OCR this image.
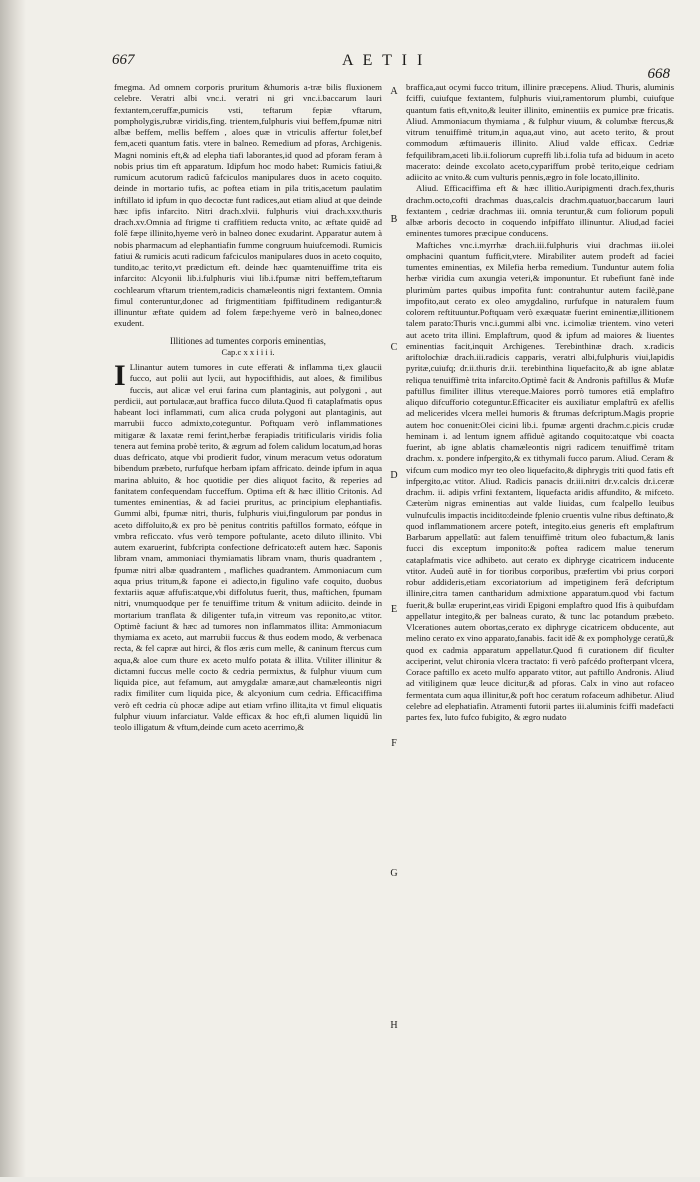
667	A E T I I
668

fmegma. Ad omnem corporis pruritum &humoris a-træ bilis fluxionem celebre. Veratri albi vnc.i. veratri ni gri vnc.i.baccarum lauri fextantem,ceruffæ,pumicis vsti, teftarum fepiæ vftarum, pompholygis,rubræ viridis,fing. trientem,fulphuris viui beffem,fpumæ nitri albæ beffem, mellis beffem , aloes quæ in vtriculis affertur folet,bef fem,aceti quantum fatis. vtere in balneo. Remedium ad pforas, Archigenis. Magni nominis eft,& ad elepha tiafi laborantes,id quod ad pforam feram à nobis prius tim eft apparatum. Idipfum hoc modo habet: Rumicis fatiui,& rumicum acutorum radicũ fafciculos manipulares duos in aceto coquito. deinde in mortario tufis, ac poftea etiam in pila tritis,acetum paulatim inftillato id ipfum in quo decoctæ funt radices,aut etiam aliud at que deinde hæc ipfis infarcito. Nitri drach.xlvii. fulphuris viui drach.xxv.thuris drach.xv.Omnia ad ftrigme ti craffitiem reducta vnito, ac æftate quidē ad folē fæpe illinito,hyeme verò in balneo donec exudarint. Apparatur autem à nobis pharmacum ad elephantiafin fumme congruum huiufcemodi. Rumicis fatiui & rumicis acuti radicum fafciculos manipulares duos in aceto coquito, tundito,ac terito,vt prædictum eft. deinde hæc quamtenuiffime trita eis infarcito: Alcyonii lib.i.fulphuris viui lib.i.fpumæ nitri beffem,teftarum cochlearum vftarum trientem,radicis chamæleontis nigri fextantem. Omnia fimul conteruntur,donec ad ftrigmentitiam fpiffitudinem redigantur:& illinuntur æftate quidem ad folem fæpe:hyeme verò in balneo,donec exudent.

Illitiones ad tumentes corporis eminentias,

Cap.c x x i i i i.

I Llinantur autem tumores in cute efferati & inflamma ti,ex glaucii fucco, aut polii aut lycii, aut hypocifthidis, aut aloes, & fimilibus fuccis, aut alicæ vel erui farina cum plantaginis, aut polygoni , aut perdicii, aut portulacæ,aut braffica fucco diluta.Quod fi cataplafmatis opus habeant loci inflammati, cum alica cruda polygoni aut plantaginis, aut marrubii fucco admixto,coteguntur. Poftquam verò inflammationes mitigaræ & laxatæ remi ferint,herbæ ferapiadis tritificularis viridis folia tenera aut femina probè terito, & ægrum ad folem calidum locatum,ad horas duas defricato, atque vbi prodierit fudor, vinum meracum vetus odoratum bibendum præbeto, rurfufque herbam ipfam affricato. deinde ipfum in aqua marina abluito, & hoc quotidie per dies aliquot facito, & reperies ad fanitatem confequendam fucceffum. Optima eft & hæc illitio Critonis. Ad tumentes eminentias, & ad faciei pruritus, ac principium elephantiafis. Gummi albi, fpumæ nitri, thuris, fulphuris viui,fingulorum par pondus in aceto diffoluito,& ex pro bè penitus contritis paftillos formato, eófque in vmbra reficcato. vfus verò tempore poftulante, aceto diluto illinito. Vbi autem exaruerint, fubfcripta confectione defricato:eft autem hæc. Saponis libram vnam, ammoniaci thymiamatis libram vnam, thuris quadrantem , fpumæ nitri albæ quadrantem , mafliches quadrantem. Ammoniacum cum aqua prius tritum,& fapone ei adiecto,in figulino vafe coquito, duobus fextariis aquæ affufis:atque,vbi diffolutus fuerit, thus, maftichen, fpumam nitri, vnumquodque per fe tenuiffime tritum & vnitum adiicito. deinde in mortarium tranflata & diligenter tufa,in vitreum vas reponito,ac vtitor. Optimè faciunt & hæc ad tumores non inflammatos illita: Ammoniacum thymiama ex aceto, aut marrubii fuccus & thus eodem modo, & verbenaca recta, & fel capræ aut hirci, & flos æris cum melle, & caninum ftercus cum aqua,& aloe cum thure ex aceto mulfo potata & illita. Vtiliter illinitur & dictamni fuccus melle cocto & cedria permixtus, & fulphur viuum cum liquida pice, aut fefamum, aut amygdalæ amaræ,aut chamæleontis nigri radix fimiliter cum liquida pice, & alcyonium cum cedria. Efficaciffima verò eft cedria cù phocæ adipe aut etiam vrfino illita,ita vt fimul eliquatis fulphur viuum infarciatur. Valde efficax & hoc eft,fi alumen liquidū lin teolo illigatum & vftum,deinde cum aceto acerrimo,&

A
B
C
D
E
F
G
H

braffica,aut ocymi fucco tritum, illinire præcepens. Aliud. Thuris, aluminis fciffi, cuiufque fextantem, fulphuris viui,ramentorum plumbi, cuiufque quantum fatis eft,vnito,& leuiter illinito, eminentiis ex pumice præ fricatis. Aliud. Ammoniacum thymiama , & fulphur viuum, & columbæ ftercus,& vitrum tenuiffimè tritum,in aqua,aut vino, aut aceto terito, & prout commodum æftimaueris illinito. Aliud valde efficax. Cedriæ fefquilibram,aceti lib.ii.foliorum cupreffi lib.i.folia tufa ad biduum in aceto macerato: deinde excolato aceto,cypariffum probè terito,eique cedriam adiicito ac vnito.& cum vulturis pennis,ægro in fole locato,illinito.

Aliud. Efficaciffima eft & hæc illitio.Auripigmenti drach.fex,thuris drachm.octo,cofti drachmas duas,calcis drachm.quatuor,baccarum lauri fextantem , cedriæ drachmas iii. omnia teruntur,& cum foliorum populi albæ arboris decocto in coquendo infpiffato illinuntur. Aliud,ad faciei eminentes tumores præcipue conducens.

Maftiches vnc.i.myrrhæ drach.iii.fulphuris viui drachmas iii.olei omphacini quantum fufficit,vtere. Mirabiliter autem prodeft ad faciei tumentes eminentias, ex Milefia herba remedium. Tunduntur autem folia herbæ viridia cum axungia veteri,& imponuntur. Et rubefiunt fanè inde plurimùm partes quibus impofita funt: contrahuntur autem facilè,pane impofito,aut cerato ex oleo amygdalino, rurfufque in naturalem fuum colorem reftituuntur.Poftquam verò exæquatæ fuerint eminentiæ,illitionem talem parato:Thuris vnc.i.gummi albi vnc. i.cimoliæ trientem. vino veteri aut aceto trita illini. Emplaftrum, quod & ipfum ad maiores & liuentes eminentias facit,inquit Archigenes. Terebinthinæ drach. x.radicis ariftolochiæ drach.iii.radicis capparis, veratri albi,fulphuris viui,lapidis pyritæ,cuiufq; dr.ii.thuris dr.ii. terebinthina liquefacito,& ab igne ablatæ reliqua tenuiffimè trita infarcito.Optimè facit & Andronis paftillus & Mufæ paftillus fimiliter illitus vtereque.Maiores porrò tumores etiā emplaftro aliquo difcufforio coteguntur.Efficaciter eis auxiliatur emplaftrū ex afellis ad melicerides vlcera mellei humoris & ftrumas defcriptum.Magis proprie autem hoc conuenit:Olei cicini lib.i. fpumæ argenti drachm.c.picis crudæ heminam i. ad lentum ignem affiduè agitando coquito:atque vbi coacta fuerint, ab igne ablatis chamæleontis nigri radicem tenuiffimè tritam drachm. x. pondere infpergito,& ex tithymali fucco parum. Aliud. Ceram & vifcum cum modico myr teo oleo liquefacito,& diphrygis triti quod fatis eft infpergito,ac vtitor. Aliud. Radicis panacis dr.iii.nitri dr.v.calcis dr.i.ceræ drachm. ii. adipis vrfini fextantem, liquefacta aridis affundito, & mifceto. Cæterùm nigras eminentias aut valde liuidas, cum fcalpello leuibus vulnufculis impactis incidito:deinde fplenio cruentis vulne ribus deftinato,& quod inflammationem arcere poteft, integito.eius generis eft emplaftrum Barbarum appellatū: aut falem tenuiffimè tritum oleo fubactum,& lanis fucci dis exceptum imponito:& poftea radicem malue tenerum cataplafmatis vice adhibeto. aut cerato ex diphryge cicatricem inducente vtitor. Audeŭ autē in for tioribus corporibus, præfertim vbi prius corpori robur addideris,etiam excoriatorium ad impetiginem ferā defcriptum illinire,citra tamen cantharidum admixtione apparatum.quod vbi factum fuerit,& bullæ eruperint,eas viridi Epigoni emplaftro quod Ifis à quibufdam appellatur integito,& per balneas curato, & tunc lac potandum præbeto. Vlcerationes autem obortas,cerato ex diphryge cicatricem obducente, aut melino cerato ex vino apparato,fanabis. facit idē & ex pompholyge ceratū,& quod ex cadmia apparatum appellatur.Quod fi curationem dif ficulter acciperint, velut chironia vlcera tractato: fi verò pafcédo profterpant vlcera, Corace paftillo ex aceto mulfo apparato vtitor, aut paftillo Andronis. Aliud ad vitiliginem quæ leuce dicitur,& ad pforas. Calx in vino aut rofaceo fermentata cum aqua illinitur,& poft hoc ceratum rofaceum adhibetur. Aliud celebre ad elephatiafin. Atramenti futorii partes iii.aluminis fciffi madefacti partes fex, luto fufco fubigito, & ægro nudato
